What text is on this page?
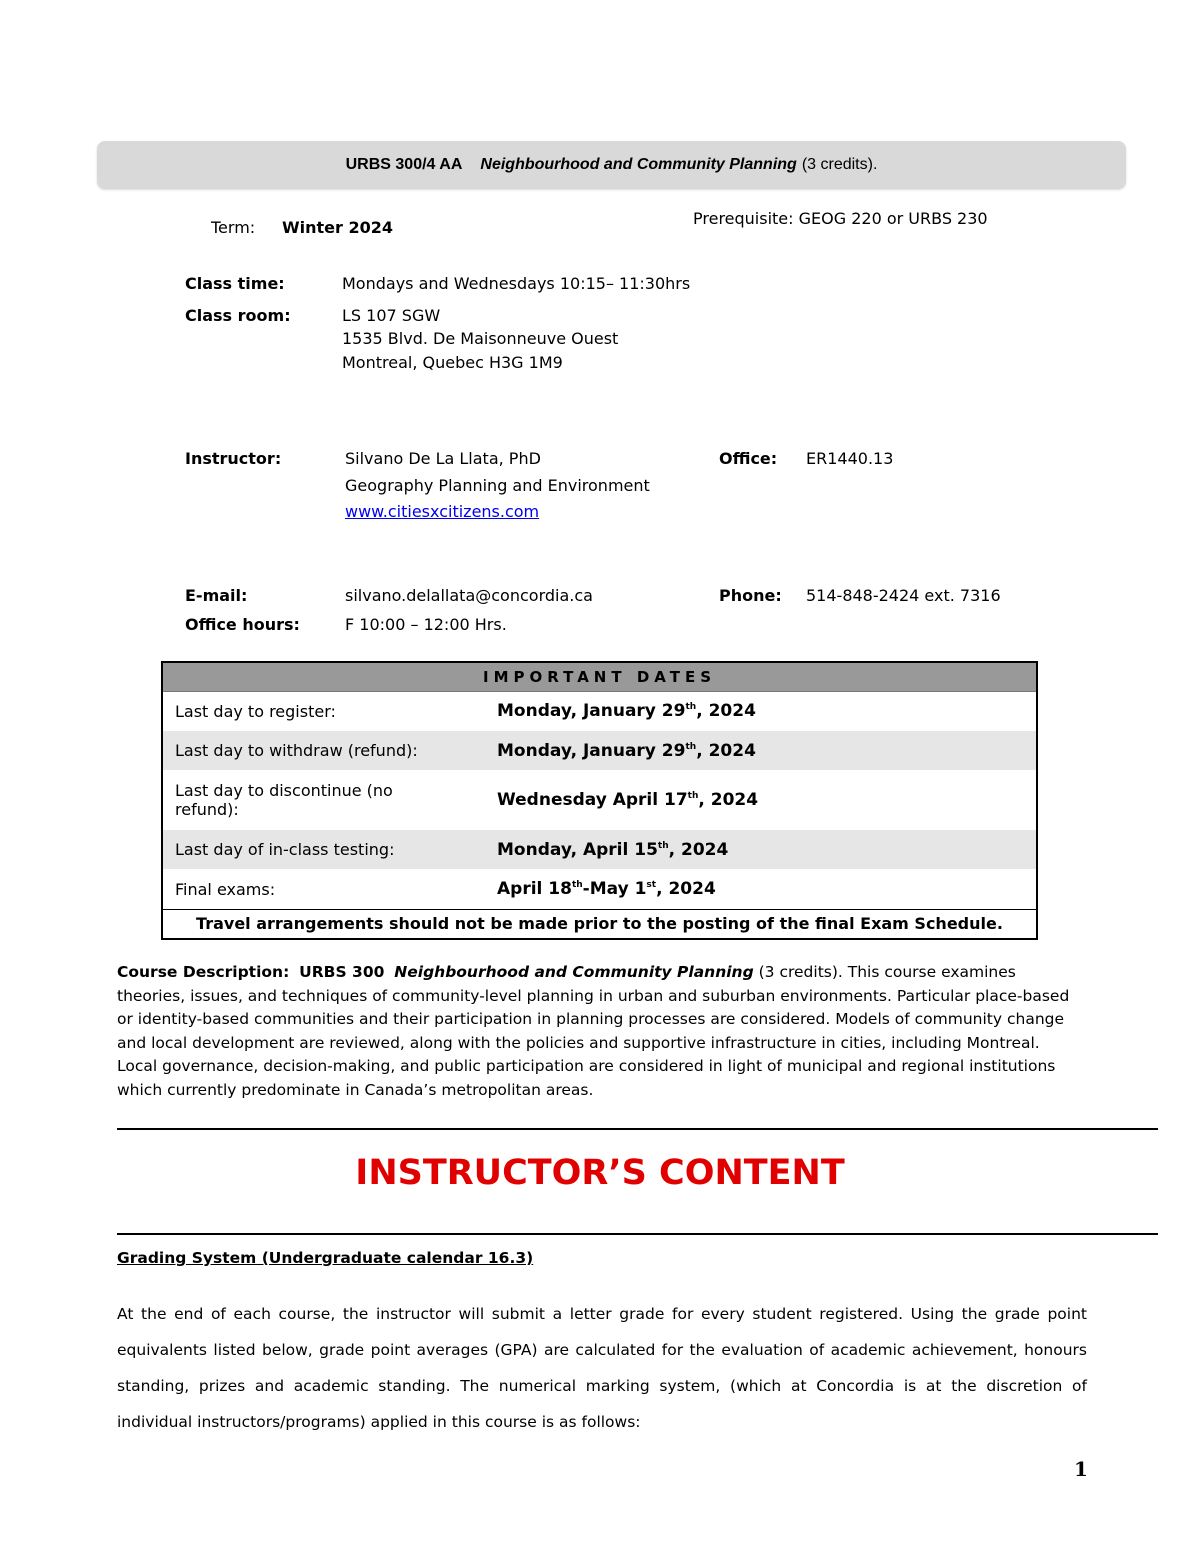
URBS 300/4 AA Neighbourhood and Community Planning (3 credits).
Term: Winter 2024	Prerequisite: GEOG 220 or URBS 230
Class time:	Mondays and Wednesdays 10:15– 11:30hrs
Class room:	LS 107 SGW
1535 Blvd. De Maisonneuve Ouest
Montreal, Quebec H3G 1M9
Instructor:	Silvano De La Llata, PhD
Geography Planning and Environment
www.citiesxcitizens.com
Office: ER1440.13
E-mail:	silvano.delallata@concordia.ca	Phone: 514-848-2424 ext. 7316
Office hours:	F 10:00 – 12:00 Hrs.
IMPORTANT DATES
Last day to register:	Monday, January 29th, 2024
Last day to withdraw (refund):	Monday, January 29th, 2024
Last day to discontinue (no refund):	Wednesday April 17th, 2024
Last day of in-class testing:	Monday, April 15th, 2024
Final exams:	April 18th-May 1st, 2024
Travel arrangements should not be made prior to the posting of the final Exam Schedule.
Course Description: URBS 300 Neighbourhood and Community Planning (3 credits). This course examines theories, issues, and techniques of community-level planning in urban and suburban environments. Particular place-based or identity-based communities and their participation in planning processes are considered. Models of community change and local development are reviewed, along with the policies and supportive infrastructure in cities, including Montreal. Local governance, decision-making, and public participation are considered in light of municipal and regional institutions which currently predominate in Canada’s metropolitan areas.
INSTRUCTOR’S CONTENT
Grading System (Undergraduate calendar 16.3)
At the end of each course, the instructor will submit a letter grade for every student registered. Using the grade point equivalents listed below, grade point averages (GPA) are calculated for the evaluation of academic achievement, honours standing, prizes and academic standing. The numerical marking system, (which at Concordia is at the discretion of individual instructors/programs) applied in this course is as follows:
1
